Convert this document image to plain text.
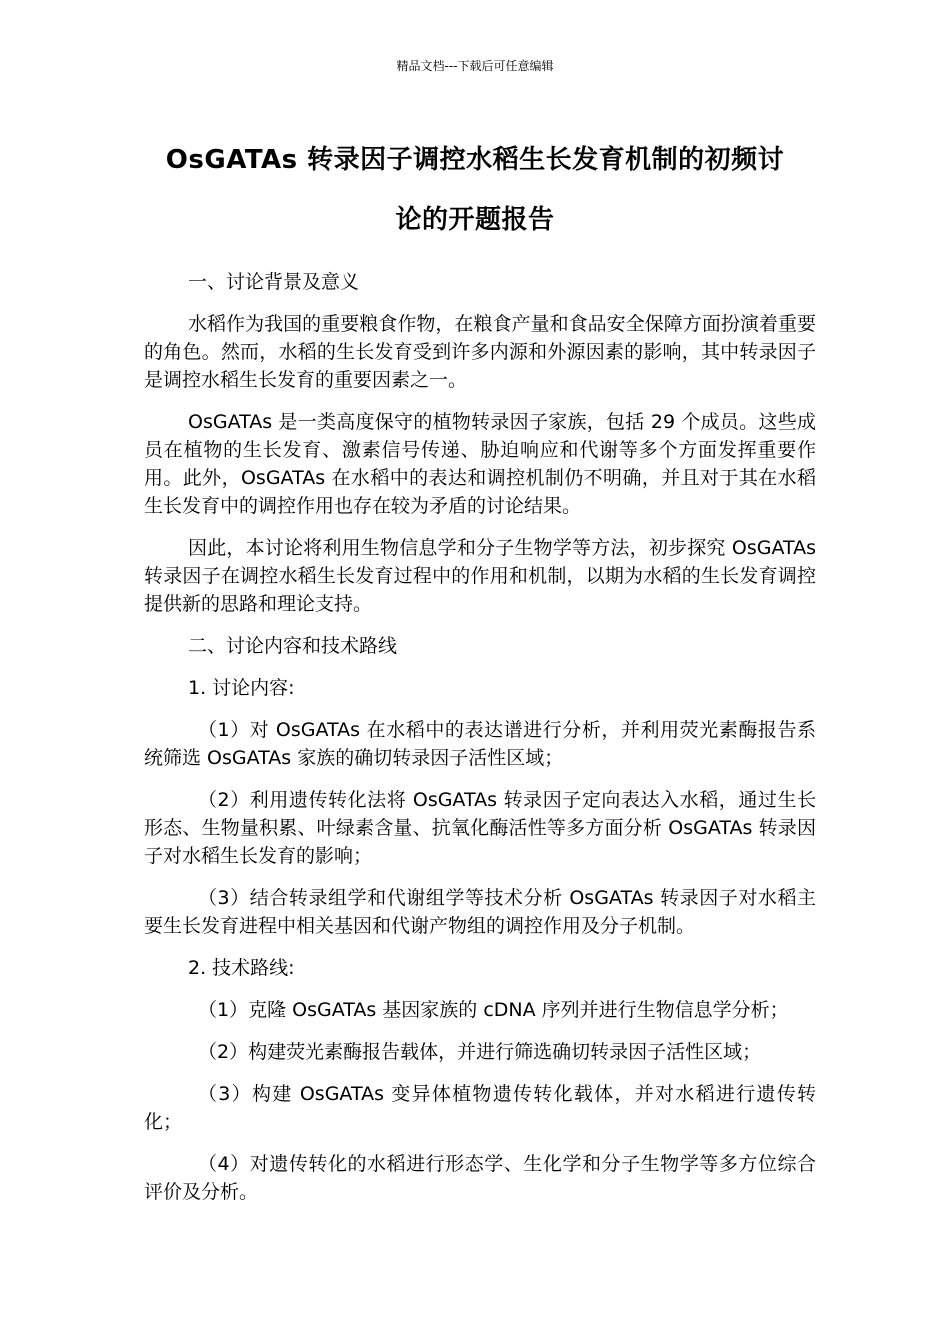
精品文档---下载后可任意编辑
OsGATAs 转录因子调控水稻生长发育机制的初频讨
论的开题报告

一、讨论背景及意义

水稻作为我国的重要粮食作物，在粮食产量和食品安全保障方面扮演着重要的角色。然而，水稻的生长发育受到许多内源和外源因素的影响，其中转录因子是调控水稻生长发育的重要因素之一。

OsGATAs 是一类高度保守的植物转录因子家族，包括 29 个成员。这些成员在植物的生长发育、激素信号传递、胁迫响应和代谢等多个方面发挥重要作用。此外，OsGATAs 在水稻中的表达和调控机制仍不明确，并且对于其在水稻生长发育中的调控作用也存在较为矛盾的讨论结果。

因此，本讨论将利用生物信息学和分子生物学等方法，初步探究 OsGATAs 转录因子在调控水稻生长发育过程中的作用和机制，以期为水稻的生长发育调控提供新的思路和理论支持。

二、讨论内容和技术路线

1. 讨论内容:

（1）对 OsGATAs 在水稻中的表达谱进行分析，并利用荧光素酶报告系统筛选 OsGATAs 家族的确切转录因子活性区域；

（2）利用遗传转化法将 OsGATAs 转录因子定向表达入水稻，通过生长形态、生物量积累、叶绿素含量、抗氧化酶活性等多方面分析 OsGATAs 转录因子对水稻生长发育的影响；

（3）结合转录组学和代谢组学等技术分析 OsGATAs 转录因子对水稻主要生长发育进程中相关基因和代谢产物组的调控作用及分子机制。

2. 技术路线:

（1）克隆 OsGATAs 基因家族的 cDNA 序列并进行生物信息学分析；

（2）构建荧光素酶报告载体，并进行筛选确切转录因子活性区域；

（3）构建 OsGATAs 变异体植物遗传转化载体，并对水稻进行遗传转化；

（4）对遗传转化的水稻进行形态学、生化学和分子生物学等多方位综合评价及分析。
